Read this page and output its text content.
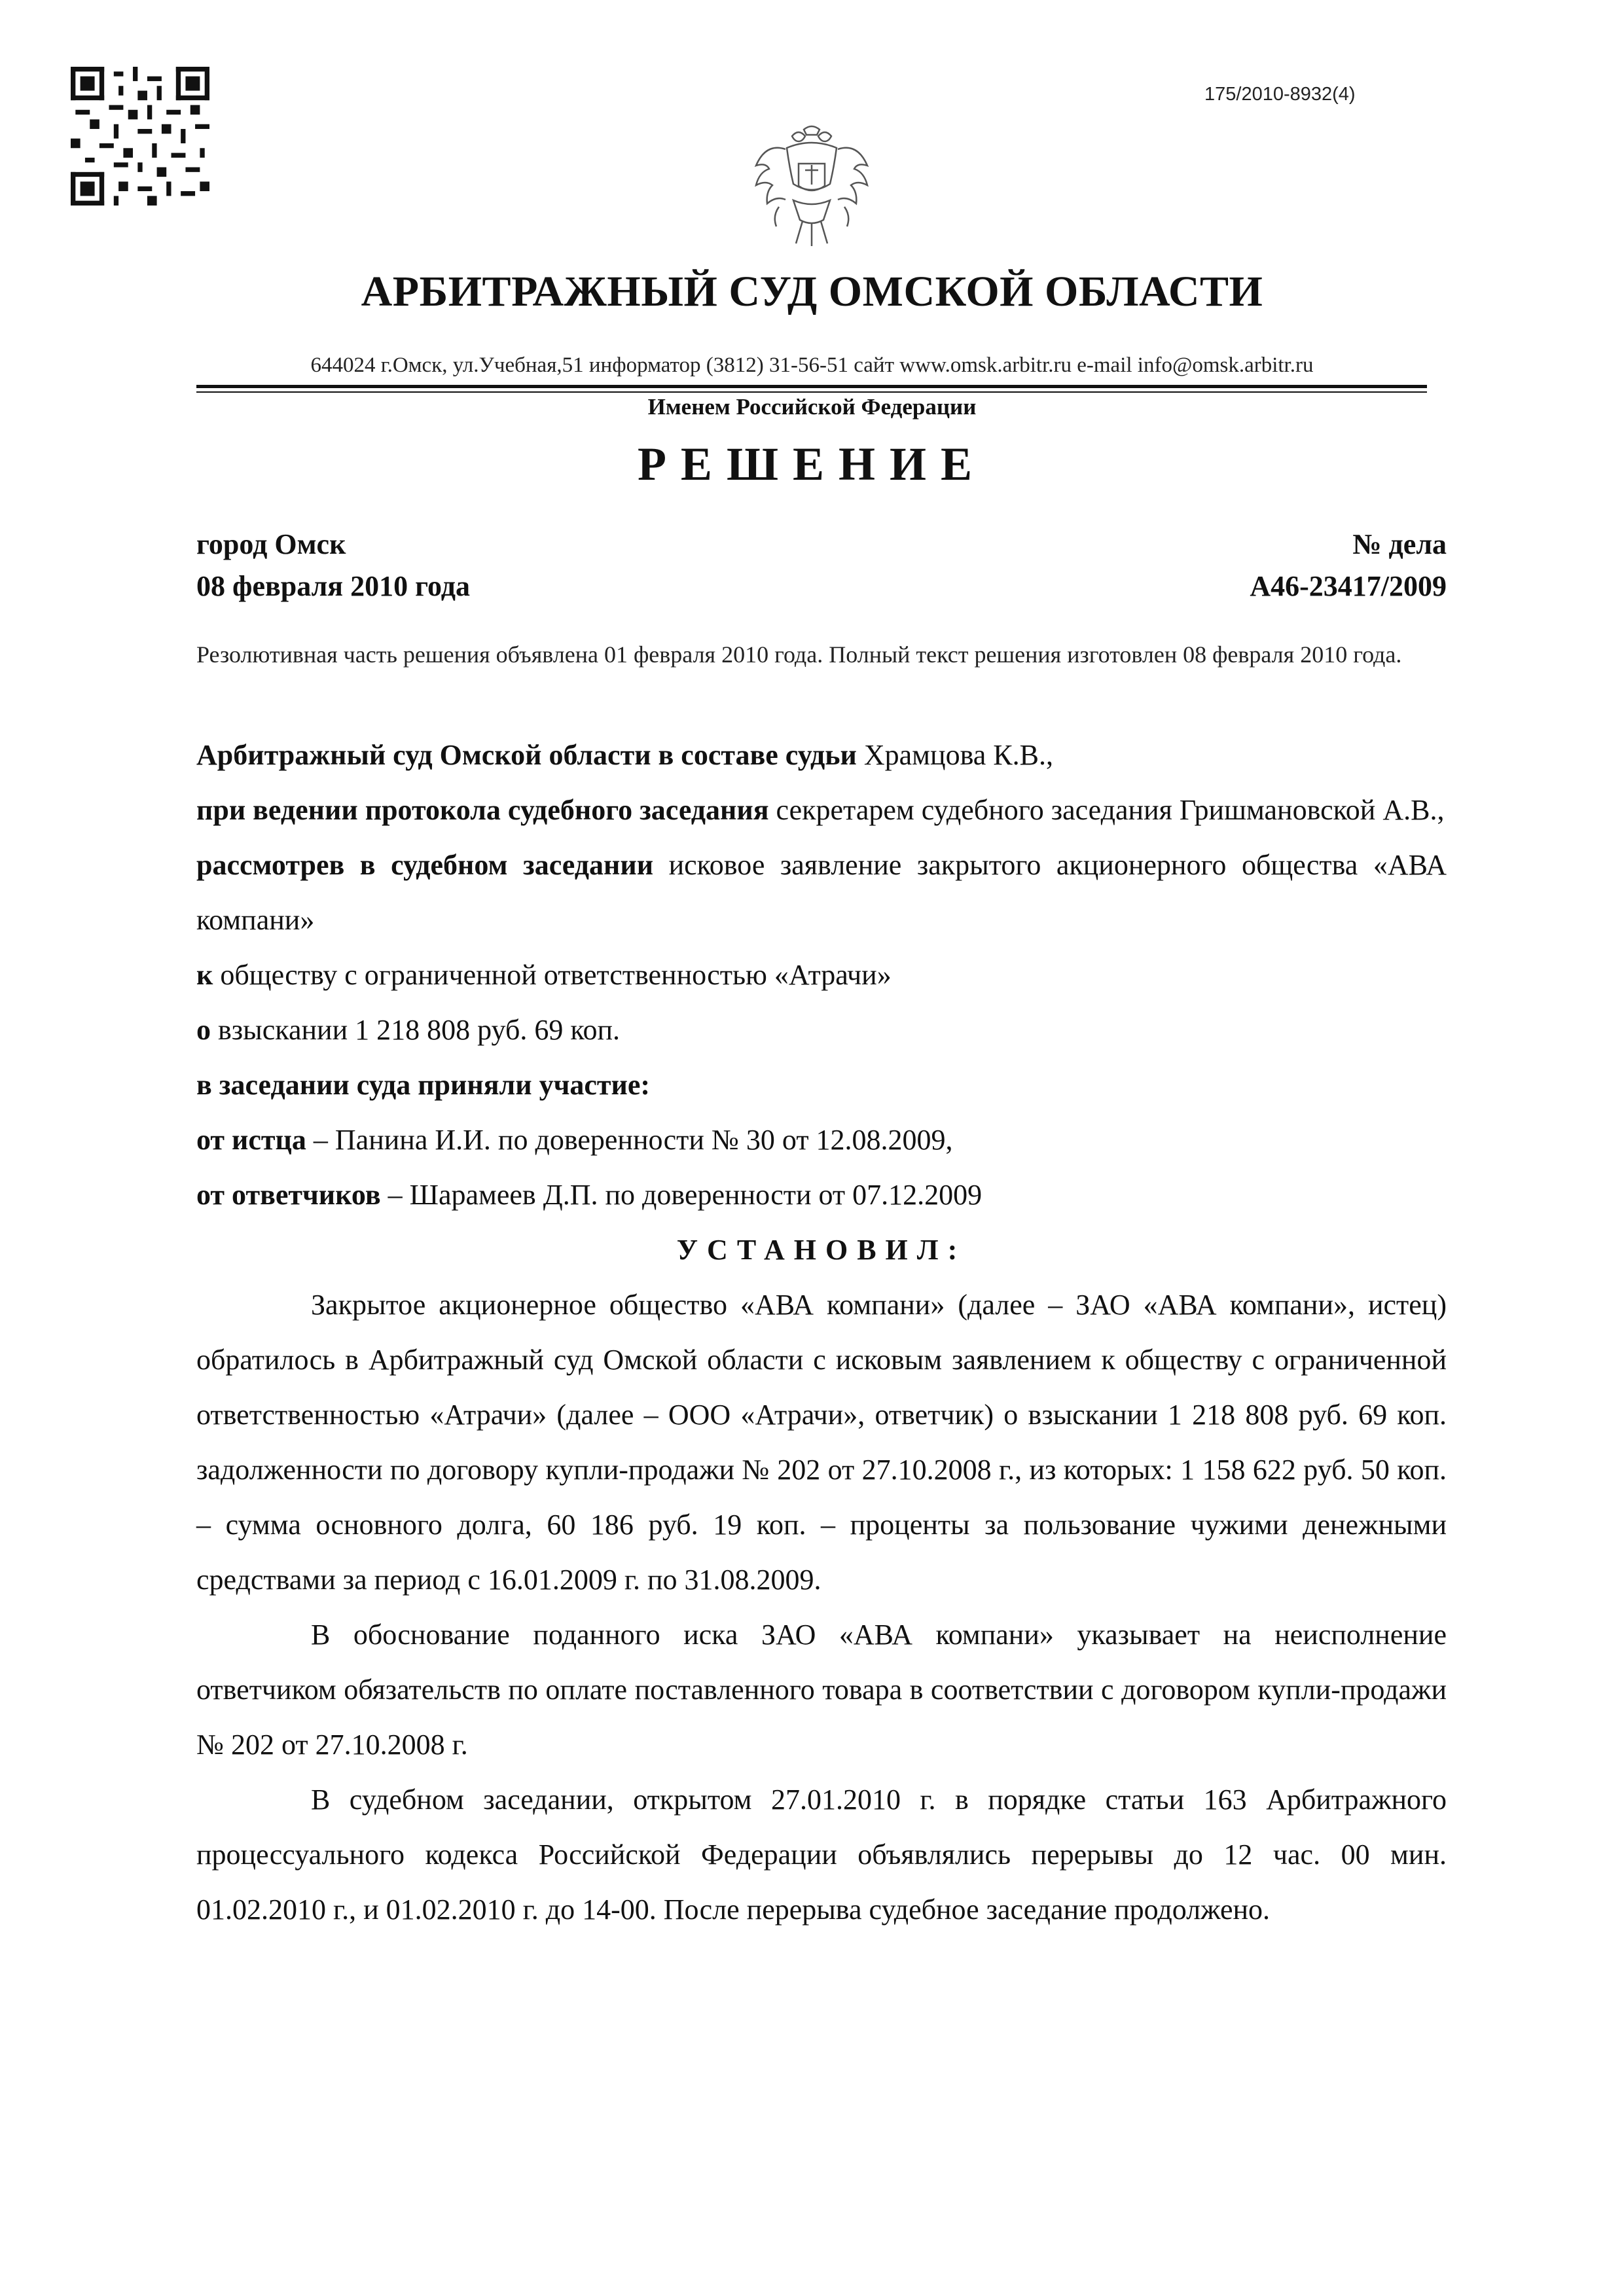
175/2010-8932(4)
АРБИТРАЖНЫЙ СУД ОМСКОЙ ОБЛАСТИ
644024 г.Омск, ул.Учебная,51 информатор (3812) 31-56-51 сайт www.omsk.arbitr.ru e-mail info@omsk.arbitr.ru
Именем Российской Федерации
РЕШЕНИЕ
город Омск
08 февраля 2010 года
№ дела
А46-23417/2009
Резолютивная часть решения объявлена 01 февраля 2010 года. Полный текст решения изготовлен 08 февраля 2010 года.

Арбитражный суд Омской области в составе судьи Храмцова К.В.,

при ведении протокола судебного заседания секретарем судебного заседания Гришмановской А.В.,

рассмотрев в судебном заседании исковое заявление закрытого акционерного общества «АВА компани»

к обществу с ограниченной ответственностью «Атрачи»

о взыскании 1 218 808 руб. 69 коп.

в заседании суда приняли участие:

от истца – Панина И.И. по доверенности № 30 от 12.08.2009,

от ответчиков – Шарамеев Д.П. по доверенности от 07.12.2009

УСТАНОВИЛ:

Закрытое акционерное общество «АВА компани» (далее – ЗАО «АВА компани», истец) обратилось в Арбитражный суд Омской области с исковым заявлением к обществу с ограниченной ответственностью «Атрачи» (далее – ООО «Атрачи», ответчик) о взыскании 1 218 808 руб. 69 коп. задолженности по договору купли-продажи № 202 от 27.10.2008 г., из которых: 1 158 622 руб. 50 коп. – сумма основного долга, 60 186 руб. 19 коп. – проценты за пользование чужими денежными средствами за период с 16.01.2009 г. по 31.08.2009.

В обоснование поданного иска ЗАО «АВА компани» указывает на неисполнение ответчиком обязательств по оплате поставленного товара в соответствии с договором купли-продажи № 202 от 27.10.2008 г.

В судебном заседании, открытом 27.01.2010 г. в порядке статьи 163 Арбитражного процессуального кодекса Российской Федерации объявлялись перерывы до 12 час. 00 мин. 01.02.2010 г., и 01.02.2010 г. до 14-00. После перерыва судебное заседание продолжено.
